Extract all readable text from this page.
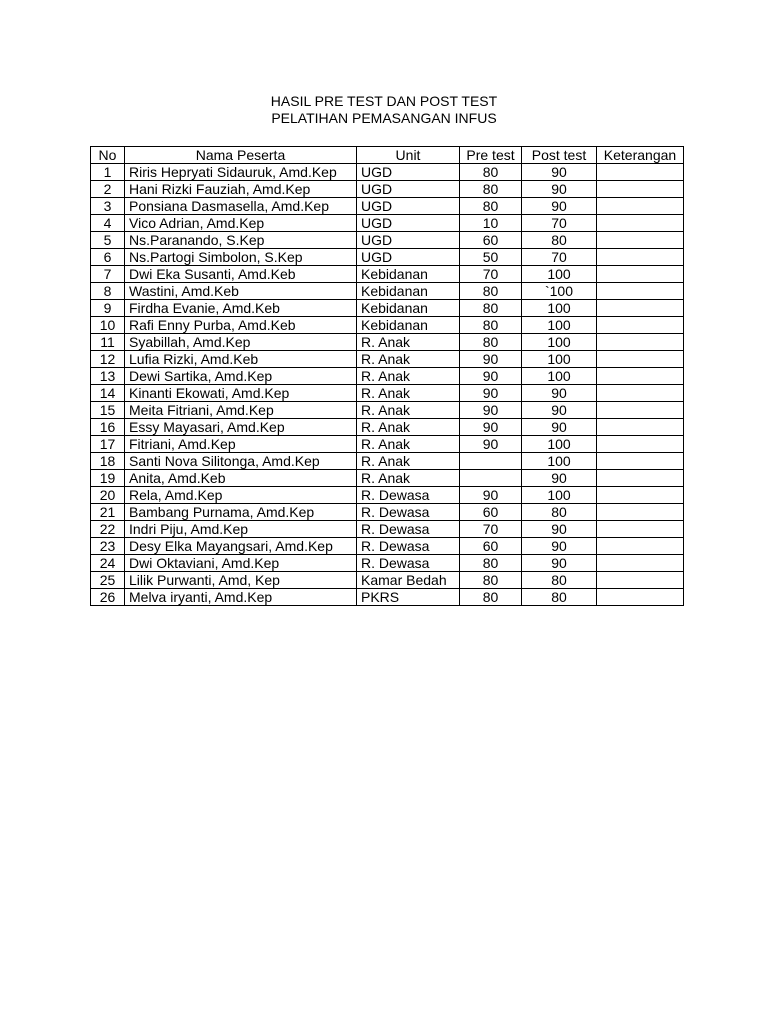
HASIL PRE TEST DAN POST TEST
PELATIHAN PEMASANGAN INFUS
No	Nama Peserta	Unit	Pre test	Post test	Keterangan
1	Riris Hepryati Sidauruk, Amd.Kep	UGD	80	90	
2	Hani Rizki Fauziah, Amd.Kep	UGD	80	90	
3	Ponsiana Dasmasella, Amd.Kep	UGD	80	90	
4	Vico Adrian, Amd.Kep	UGD	10	70	
5	Ns.Paranando, S.Kep	UGD	60	80	
6	Ns.Partogi Simbolon, S.Kep	UGD	50	70	
7	Dwi Eka Susanti, Amd.Keb	Kebidanan	70	100	
8	Wastini, Amd.Keb	Kebidanan	80	`100	
9	Firdha Evanie, Amd.Keb	Kebidanan	80	100	
10	Rafi Enny Purba, Amd.Keb	Kebidanan	80	100	
11	Syabillah, Amd.Kep	R. Anak	80	100	
12	Lufia Rizki, Amd.Keb	R. Anak	90	100	
13	Dewi Sartika, Amd.Kep	R. Anak	90	100	
14	Kinanti Ekowati, Amd.Kep	R. Anak	90	90	
15	Meita Fitriani, Amd.Kep	R. Anak	90	90	
16	Essy Mayasari, Amd.Kep	R. Anak	90	90	
17	Fitriani, Amd.Kep	R. Anak	90	100	
18	Santi Nova Silitonga, Amd.Kep	R. Anak		100	
19	Anita, Amd.Keb	R. Anak		90	
20	Rela, Amd.Kep	R. Dewasa	90	100	
21	Bambang Purnama, Amd.Kep	R. Dewasa	60	80	
22	Indri Piju, Amd.Kep	R. Dewasa	70	90	
23	Desy Elka Mayangsari, Amd.Kep	R. Dewasa	60	90	
24	Dwi Oktaviani, Amd.Kep	R. Dewasa	80	90	
25	Lilik Purwanti, Amd, Kep	Kamar Bedah	80	80	
26	Melva iryanti, Amd.Kep	PKRS	80	80	
